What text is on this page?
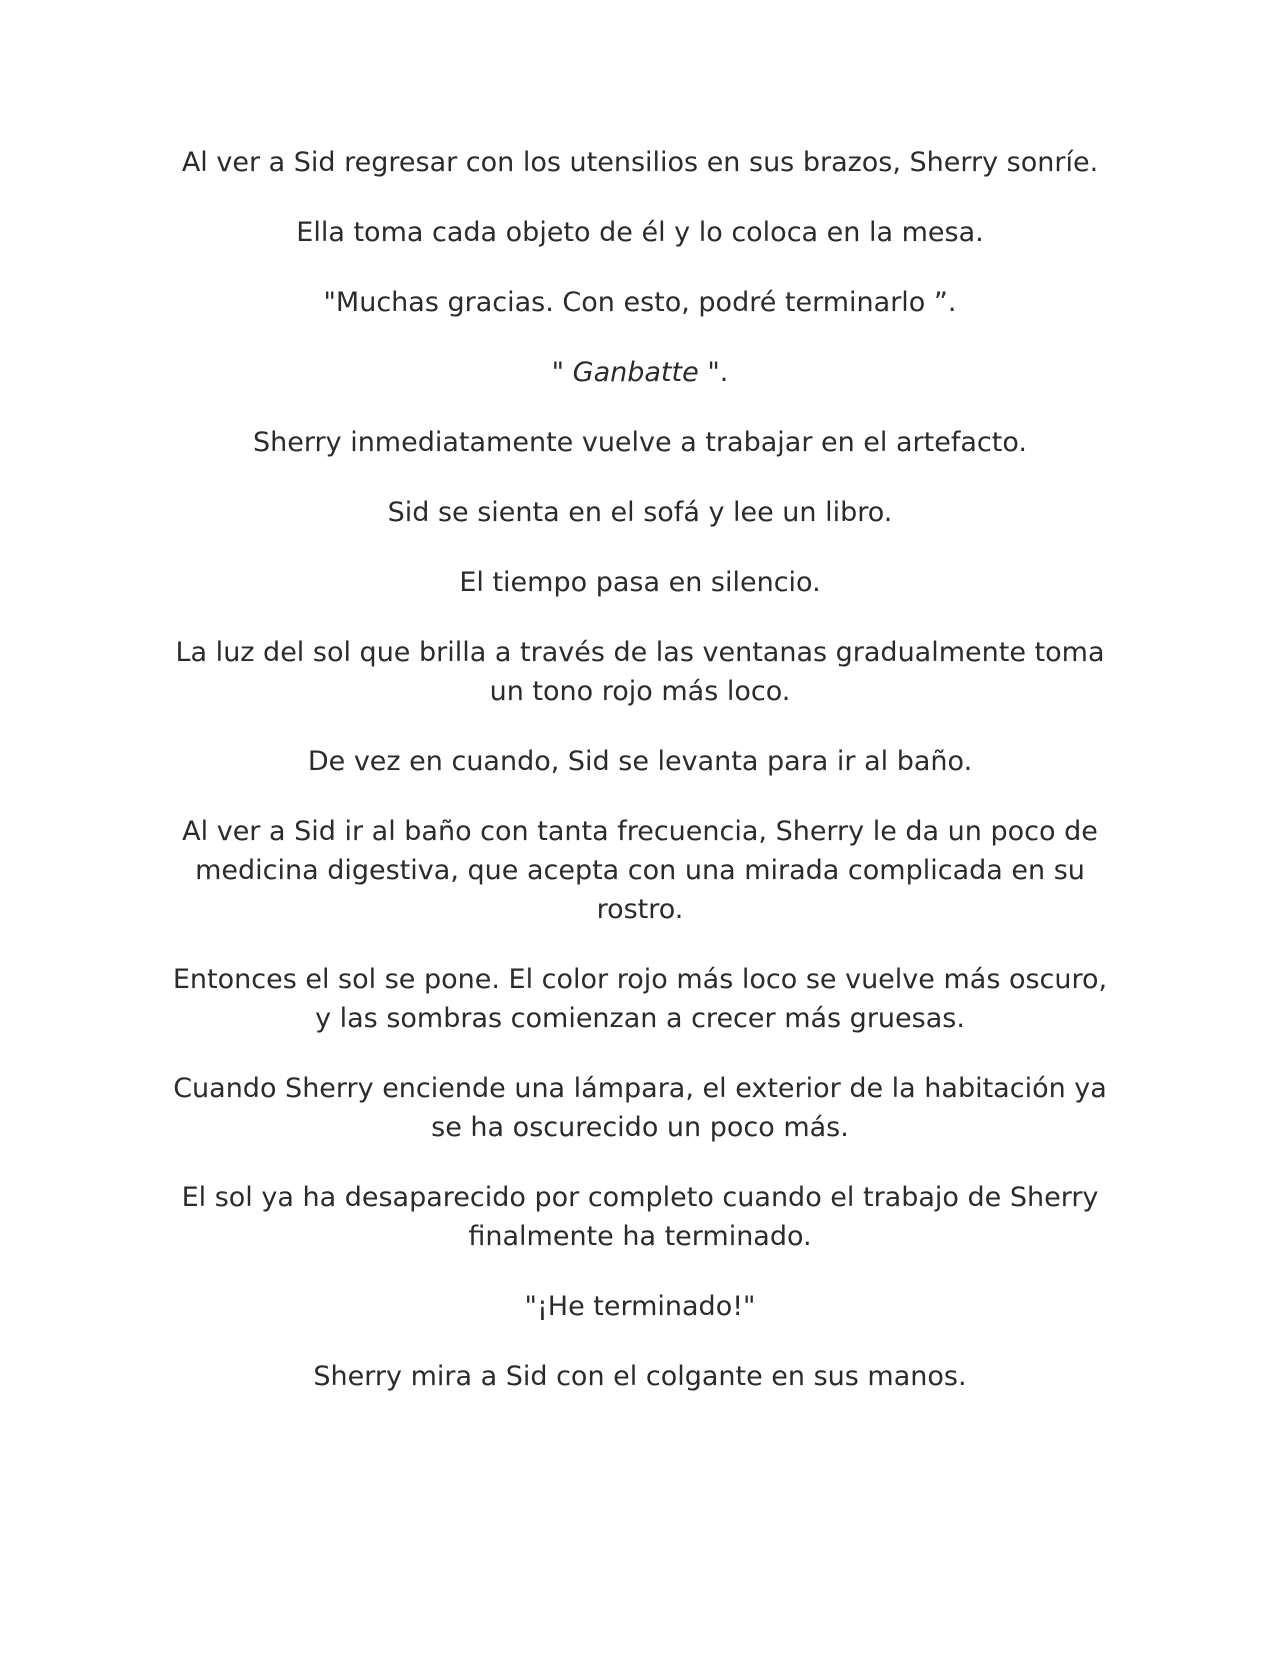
Al ver a Sid regresar con los utensilios en sus brazos, Sherry sonríe.

Ella toma cada objeto de él y lo coloca en la mesa.

"Muchas gracias. Con esto, podré terminarlo ”.

" Ganbatte ".

Sherry inmediatamente vuelve a trabajar en el artefacto.

Sid se sienta en el sofá y lee un libro.

El tiempo pasa en silencio.

La luz del sol que brilla a través de las ventanas gradualmente toma un tono rojo más loco.

De vez en cuando, Sid se levanta para ir al baño.

Al ver a Sid ir al baño con tanta frecuencia, Sherry le da un poco de medicina digestiva, que acepta con una mirada complicada en su rostro.

Entonces el sol se pone. El color rojo más loco se vuelve más oscuro, y las sombras comienzan a crecer más gruesas.

Cuando Sherry enciende una lámpara, el exterior de la habitación ya se ha oscurecido un poco más.

El sol ya ha desaparecido por completo cuando el trabajo de Sherry finalmente ha terminado.

"¡He terminado!"

Sherry mira a Sid con el colgante en sus manos.
